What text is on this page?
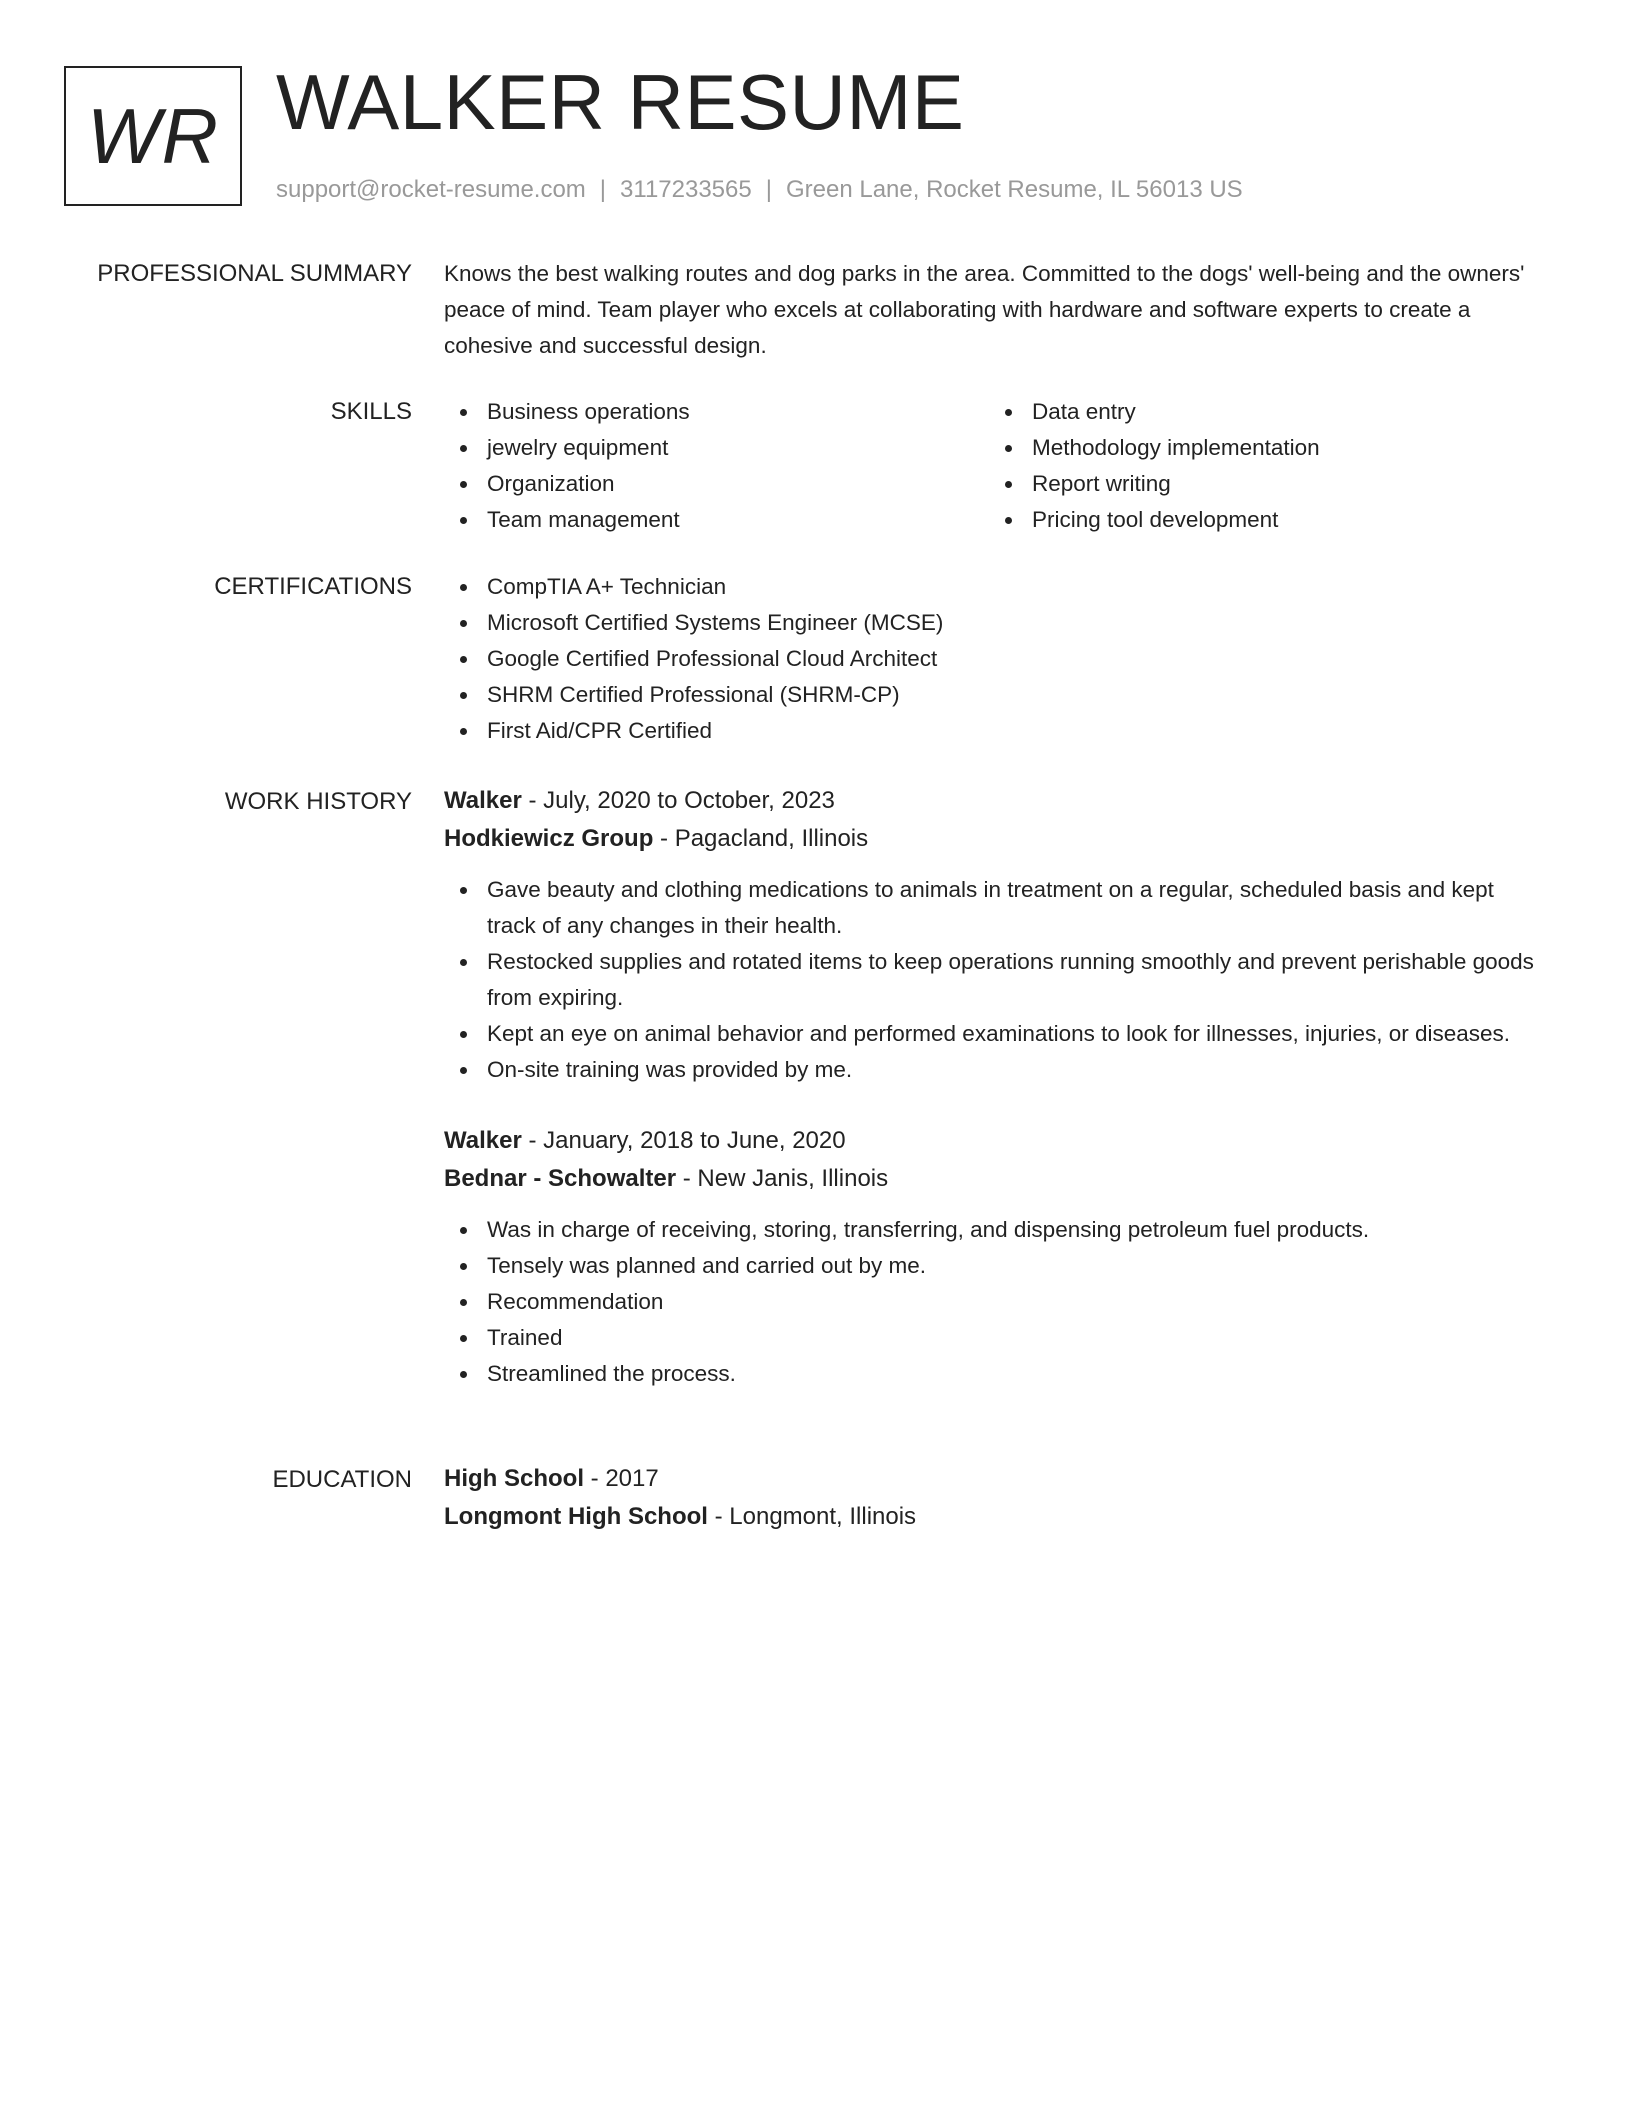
WR WALKER RESUME
support@rocket-resume.com | 3117233565 | Green Lane, Rocket Resume, IL 56013 US
PROFESSIONAL SUMMARY Knows the best walking routes and dog parks in the area. Committed to the dogs' well-being and the owners' peace of mind. Team player who excels at collaborating with hardware and software experts to create a cohesive and successful design.

SKILLS	Business operations
jewelry equipment
Organization
Team management
Data entry
Methodology implementation
Report writing
Pricing tool development
CERTIFICATIONS	CompTIA A+ Technician
Microsoft Certified Systems Engineer (MCSE)
Google Certified Professional Cloud Architect
SHRM Certified Professional (SHRM-CP)
First Aid/CPR Certified
WORK HISTORY Walker - July, 2020 to October, 2023
Hodkiewicz Group - Pagacland, Illinois
Gave beauty and clothing medications to animals in treatment on a regular, scheduled basis and kept track of any changes in their health.
Restocked supplies and rotated items to keep operations running smoothly and prevent perishable goods from expiring.
Kept an eye on animal behavior and performed examinations to look for illnesses, injuries, or diseases.
On-site training was provided by me.
Walker - January, 2018 to June, 2020
Bednar - Schowalter - New Janis, Illinois
Was in charge of receiving, storing, transferring, and dispensing petroleum fuel products.
Tensely was planned and carried out by me.
Recommendation
Trained
Streamlined the process.
EDUCATION High School - 2017
Longmont High School - Longmont, Illinois
